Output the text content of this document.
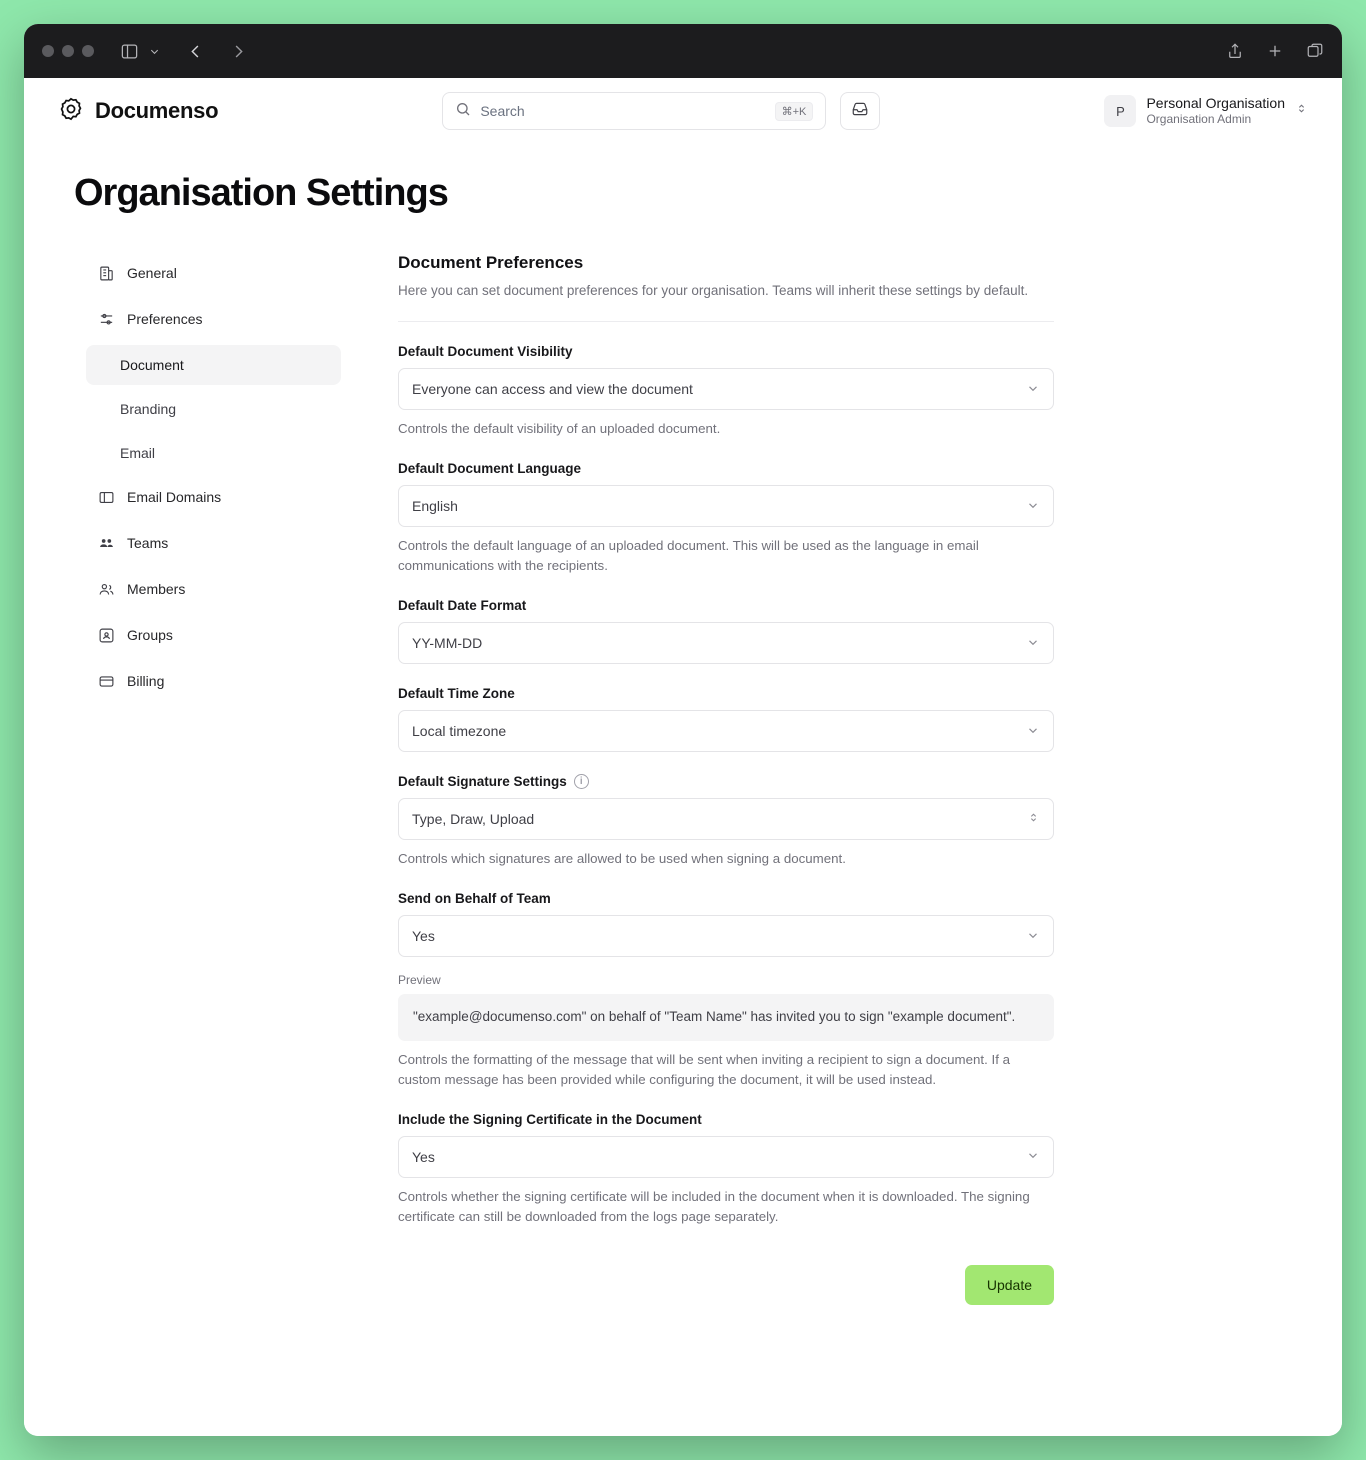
Documenso	Search	⌘+K	P
Personal Organisation
Organisation Admin
Organisation Settings
General
Preferences
Document
Branding
Email
Email Domains
Teams
Members
Groups
Billing
Document Preferences
Here you can set document preferences for your organisation. Teams will inherit these settings by default.
Default Document Visibility
Everyone can access and view the document
Controls the default visibility of an uploaded document.
Default Document Language
English
Controls the default language of an uploaded document. This will be used as the language in email communications with the recipients.
Default Date Format
YY-MM-DD
Default Time Zone
Local timezone
Default Signature Settings	i
Type, Draw, Upload
Controls which signatures are allowed to be used when signing a document.
Send on Behalf of Team
Yes
Preview
"example@documenso.com" on behalf of "Team Name" has invited you to sign "example document".
Controls the formatting of the message that will be sent when inviting a recipient to sign a document. If a custom message has been provided while configuring the document, it will be used instead.
Include the Signing Certificate in the Document
Yes
Controls whether the signing certificate will be included in the document when it is downloaded. The signing certificate can still be downloaded from the logs page separately.
Update
